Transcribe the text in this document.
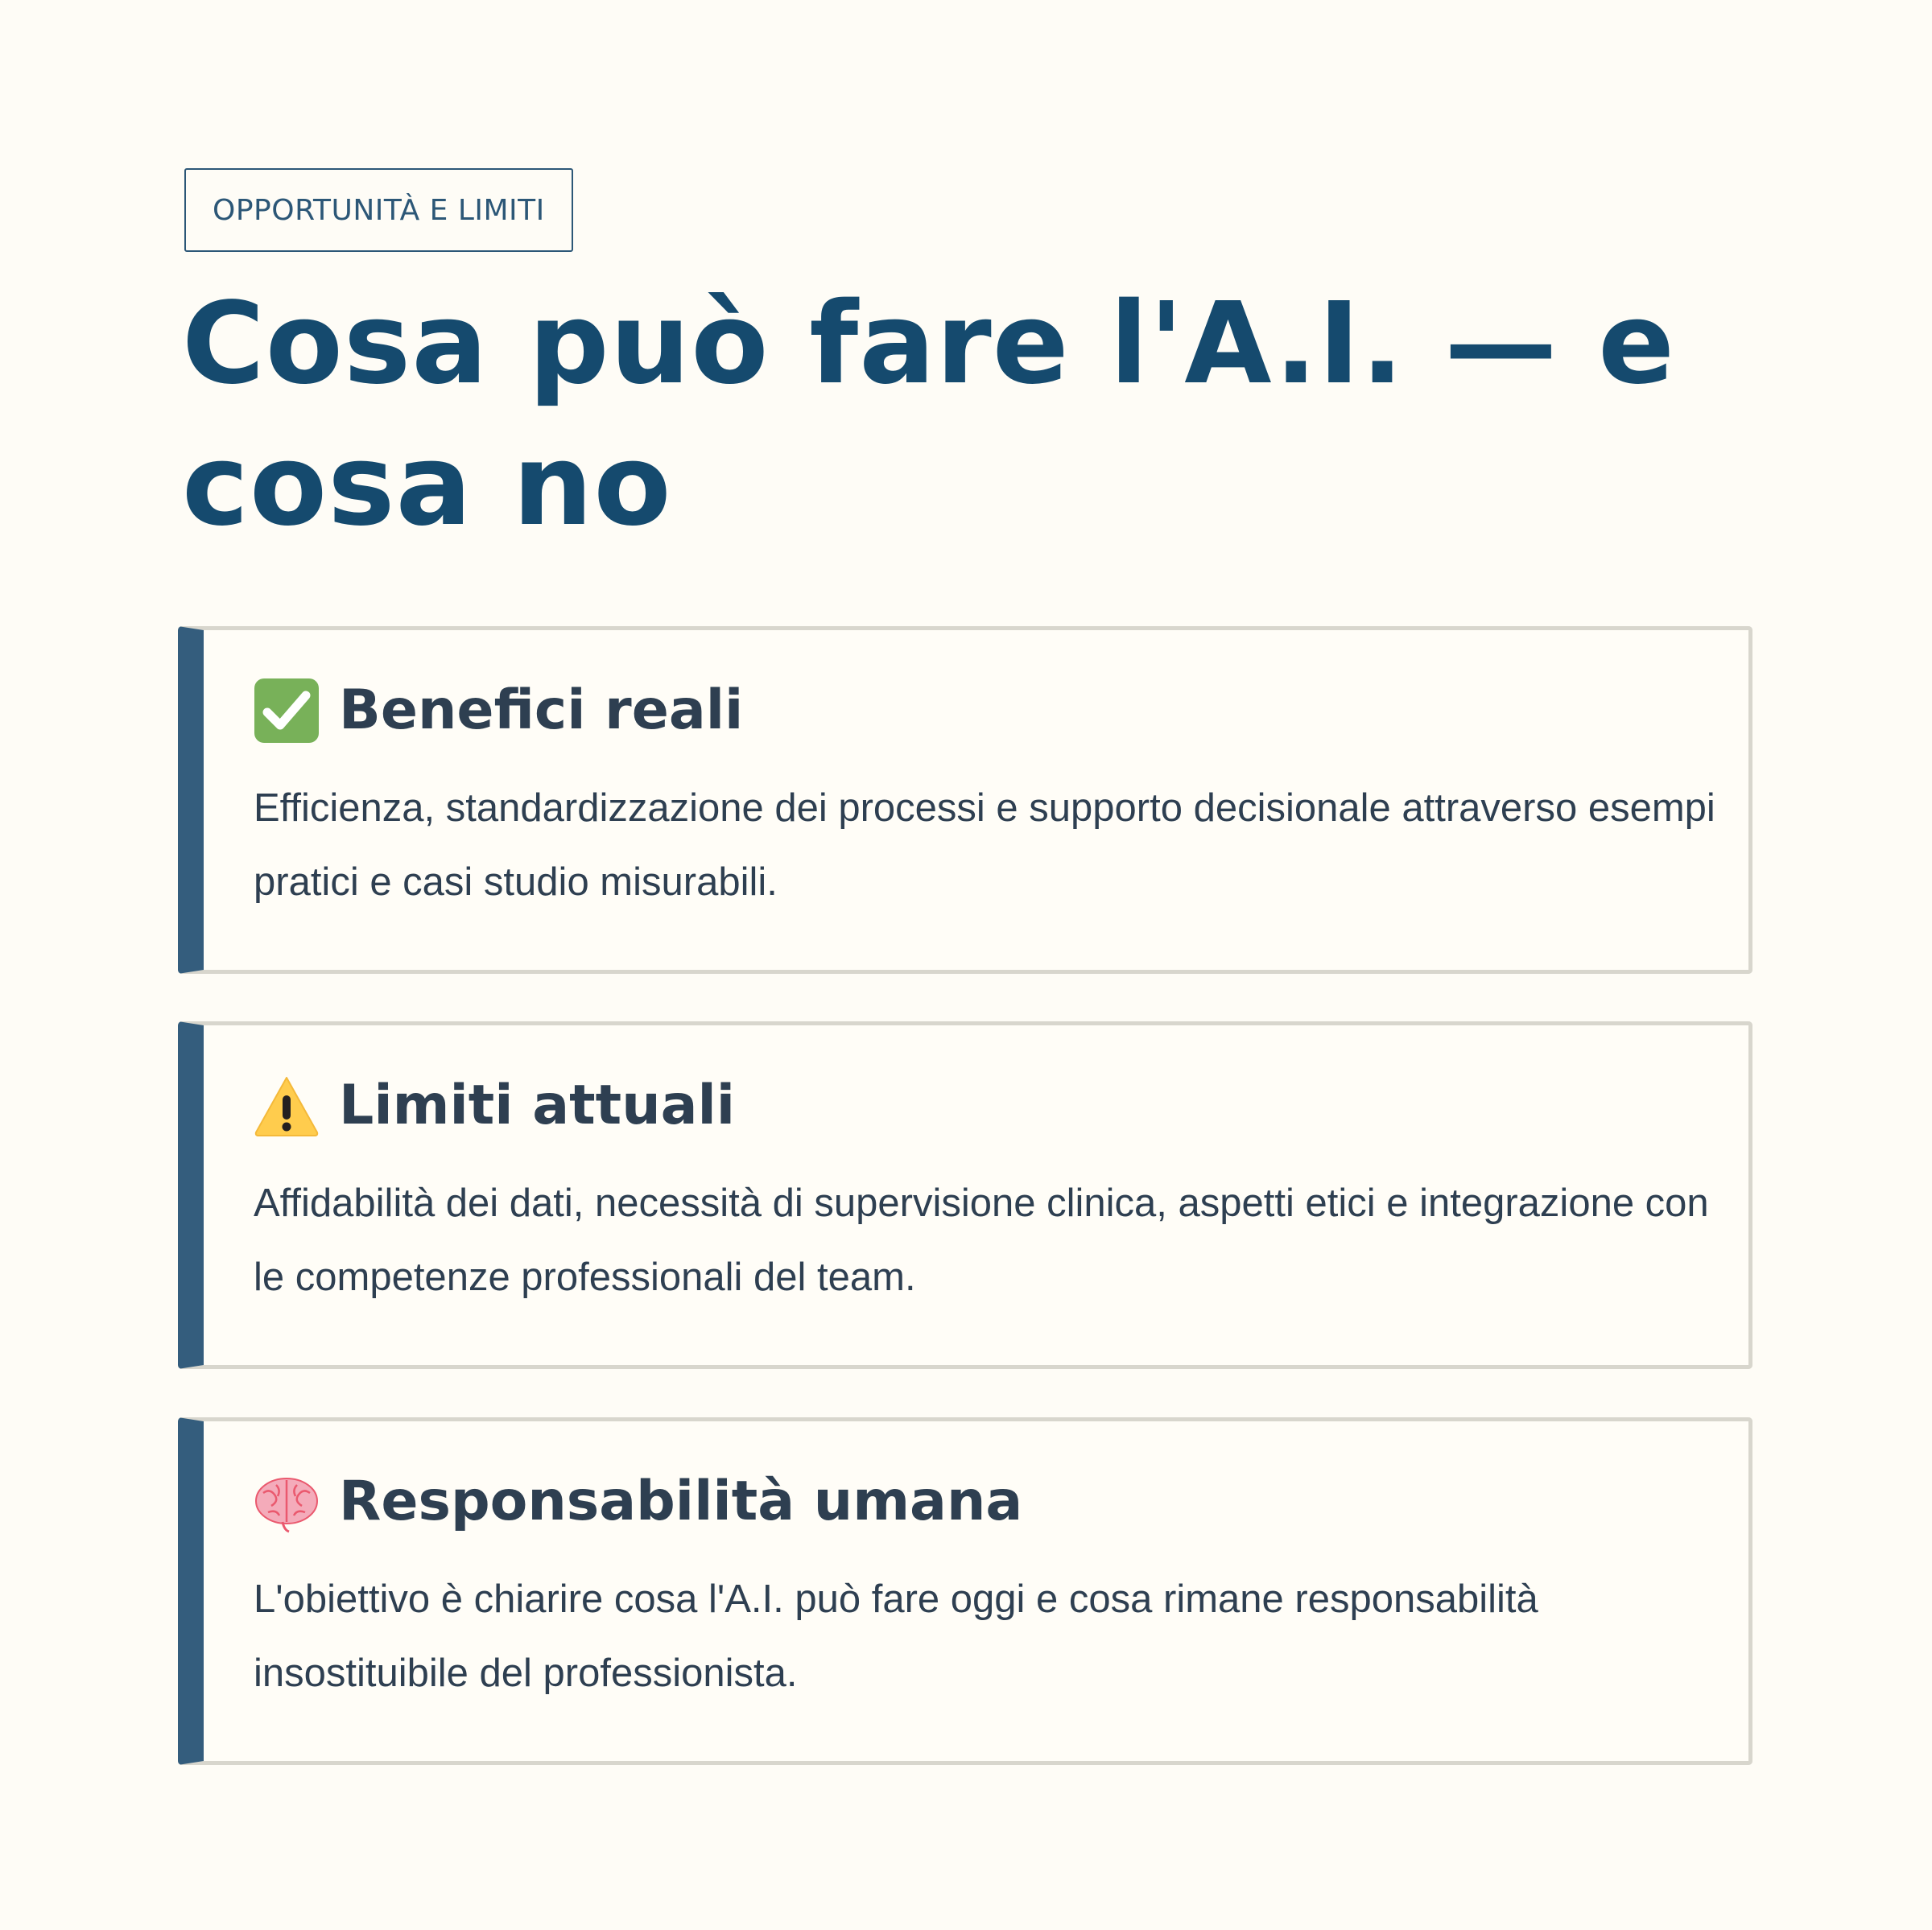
OPPORTUNITÀ E LIMITI
Cosa può fare l'A.I. — e cosa no
Benefici reali

Efficienza, standardizzazione dei processi e supporto decisionale attraverso esempi pratici e casi studio misurabili.

Limiti attuali

Affidabilità dei dati, necessità di supervisione clinica, aspetti etici e integrazione con le competenze professionali del team.

Responsabilità umana

L'obiettivo è chiarire cosa l'A.I. può fare oggi e cosa rimane responsabilità insostituibile del professionista.
